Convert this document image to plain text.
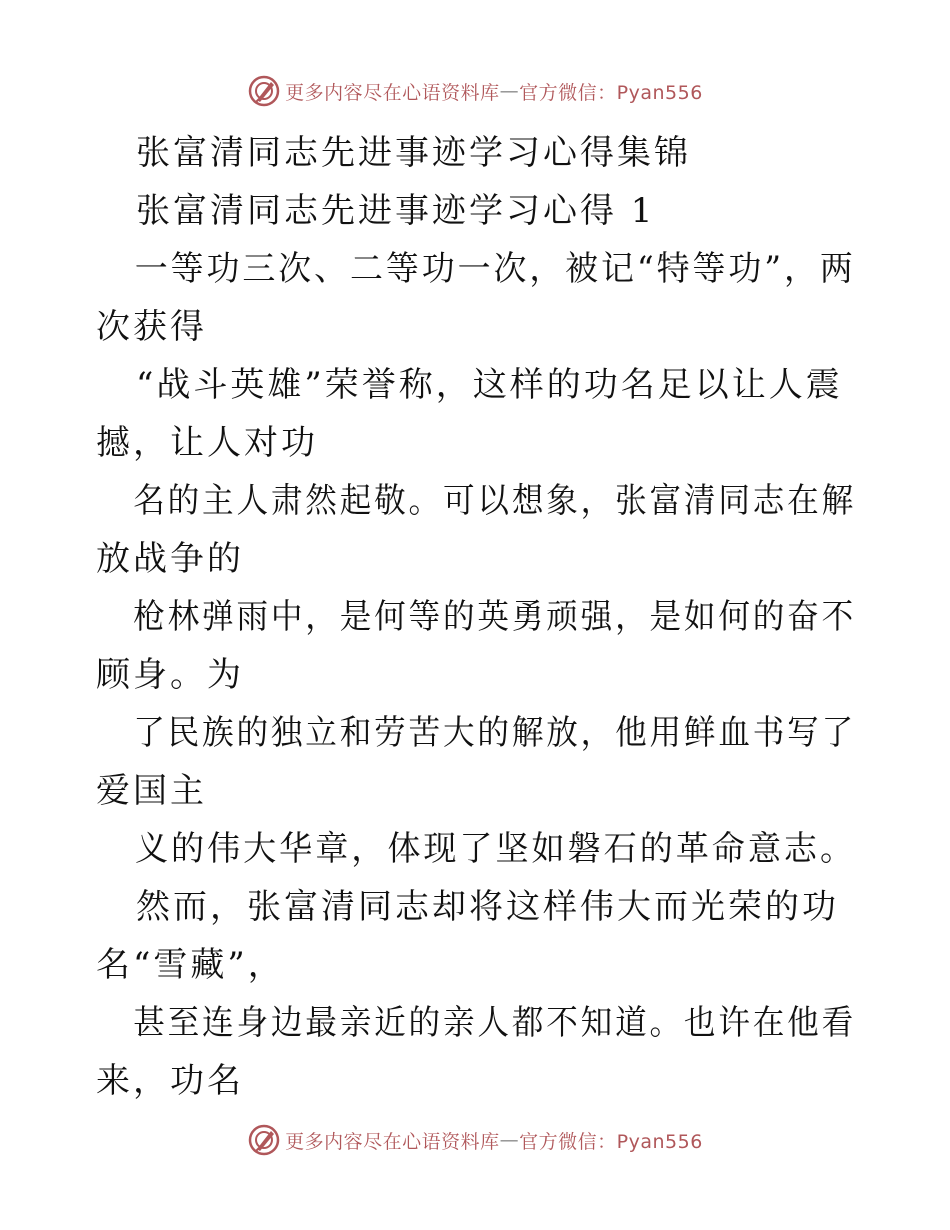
更多内容尽在心语资料库 — 官方微信：Pyan556
张富清同志先进事迹学习心得集锦
张富清同志先进事迹学习心得 1
一等功三次、二等功一次，被记“特等功”，两
次获得
“战斗英雄”荣誉称，这样的功名足以让人震
撼，让人对功
名的主人肃然起敬。可以想象，张富清同志在解
放战争的
枪林弹雨中，是何等的英勇顽强，是如何的奋不
顾身。为
了民族的独立和劳苦大的解放，他用鲜血书写了
爱国主
义的伟大华章，体现了坚如磐石的革命意志。
然而，张富清同志却将这样伟大而光荣的功
名“雪藏”，
甚至连身边最亲近的亲人都不知道。也许在他看
来，功名
更多内容尽在心语资料库 — 官方微信：Pyan556
